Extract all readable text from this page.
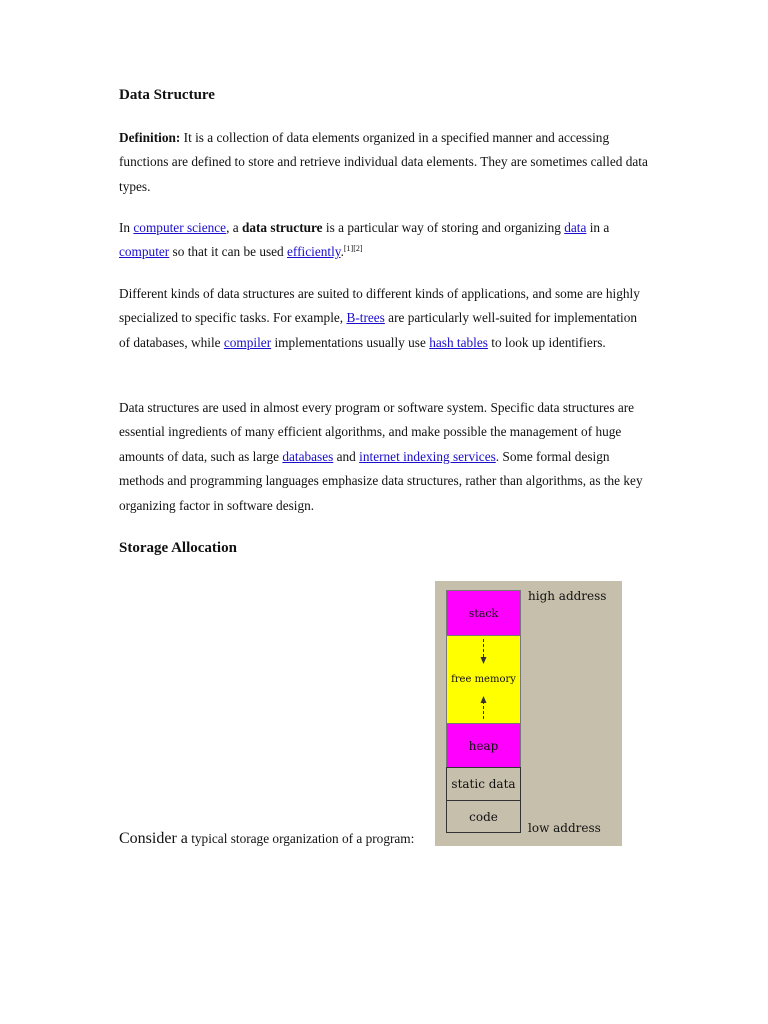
Data Structure
Definition: It is a collection of data elements organized in a specified manner and accessing functions are defined to store and retrieve individual data elements. They are sometimes called data types.
In computer science, a data structure is a particular way of storing and organizing data in a computer so that it can be used efficiently.[1][2]
Different kinds of data structures are suited to different kinds of applications, and some are highly specialized to specific tasks. For example, B-trees are particularly well-suited for implementation of databases, while compiler implementations usually use hash tables to look up identifiers.
Data structures are used in almost every program or software system. Specific data structures are essential ingredients of many efficient algorithms, and make possible the management of huge amounts of data, such as large databases and internet indexing services. Some formal design methods and programming languages emphasize data structures, rather than algorithms, as the key organizing factor in software design.
Storage Allocation
Consider a typical storage organization of a program:
stack
free memory
heap
static data
code
high address
low address
